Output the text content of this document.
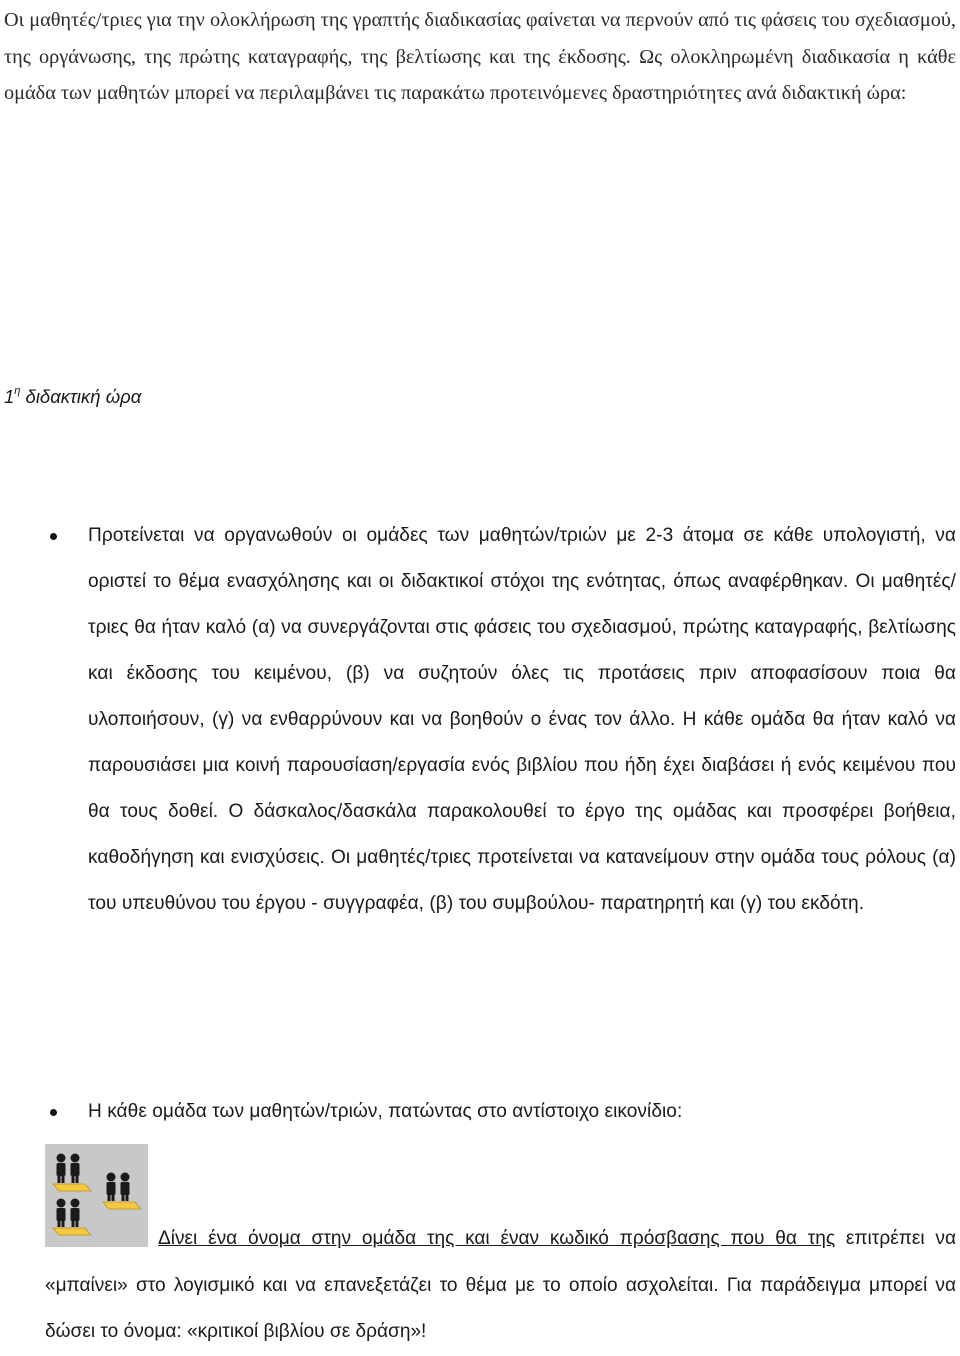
Οι μαθητές/τριες για την ολοκλήρωση της γραπτής διαδικασίας φαίνεται να περνούν από τις φάσεις του σχεδιασμού, της οργάνωσης, της πρώτης καταγραφής, της βελτίωσης και της έκδοσης. Ως ολοκληρωμένη διαδικασία η κάθε ομάδα των μαθητών μπορεί να περιλαμβάνει τις παρακάτω προτεινόμενες δραστηριότητες ανά διδακτική ώρα:

$1^\eta$ διδακτική ώρα

Προτείνεται να οργανωθούν οι ομάδες των μαθητών/τριών με 2-3 άτομα σε κάθε υπολογιστή, να οριστεί το θέμα ενασχόλησης και οι διδακτικοί στόχοι της ενότητας, όπως αναφέρθηκαν. Οι μαθητές/τριες θα ήταν καλό (α) να συνεργάζονται στις φάσεις του σχεδιασμού, πρώτης καταγραφής, βελτίωσης και έκδοσης του κειμένου, (β) να συζητούν όλες τις προτάσεις πριν αποφασίσουν ποια θα υλοποιήσουν, (γ) να ενθαρρύνουν και να βοηθούν ο ένας τον άλλο. Η κάθε ομάδα θα ήταν καλό να παρουσιάσει μια κοινή παρουσίαση/εργασία ενός βιβλίου που ήδη έχει διαβάσει ή ενός κειμένου που θα τους δοθεί. Ο δάσκαλος/δασκάλα παρακολουθεί το έργο της ομάδας και προσφέρει βοήθεια, καθοδήγηση και ενισχύσεις. Οι μαθητές/τριες προτείνεται να κατανείμουν στην ομάδα τους ρόλους (α) του υπευθύνου του έργου - συγγραφέα, (β) του συμβούλου- παρατηρητή και (γ) του εκδότη.

Η κάθε ομάδα των μαθητών/τριών, πατώντας στο αντίστοιχο εικονίδιο:

Δίνει ένα όνομα στην ομάδα της και έναν κωδικό πρόσβασης που θα της επιτρέπει να «μπαίνει» στο λογισμικό και να επανεξετάζει το θέμα με το οποίο ασχολείται. Για παράδειγμα μπορεί να δώσει το όνομα: «κριτικοί βιβλίου σε δράση»!
